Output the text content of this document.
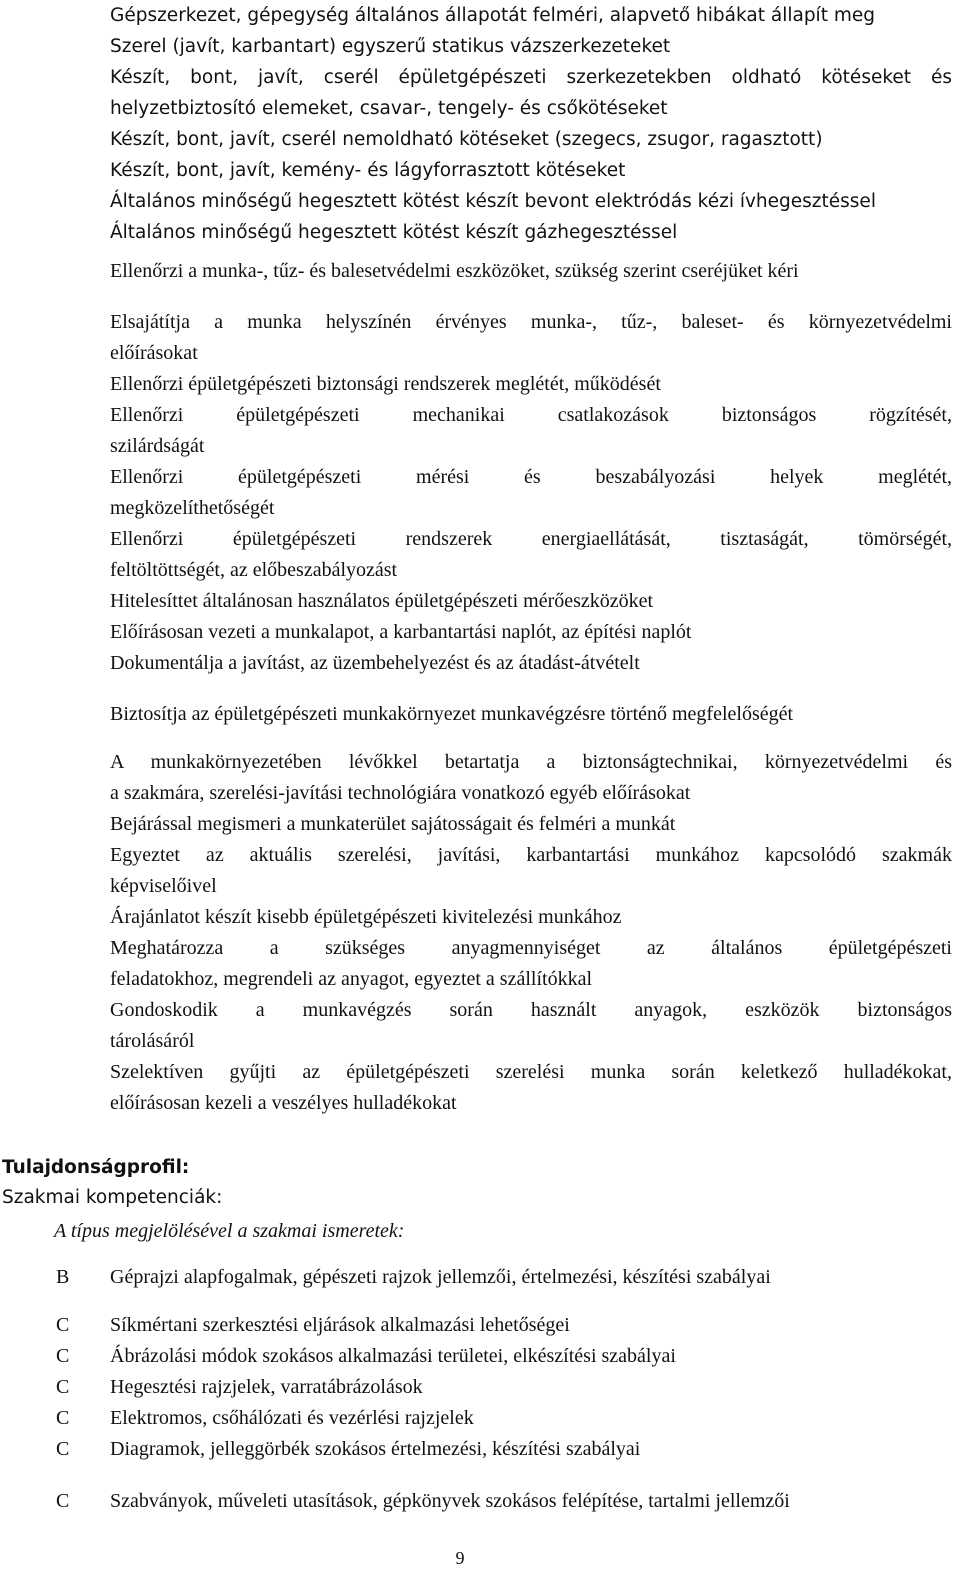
Gépszerkezet, gépegység általános állapotát felméri, alapvető hibákat állapít meg
Szerel (javít, karbantart) egyszerű statikus vázszerkezeteket
Készít, bont, javít, cserél épületgépészeti szerkezetekben oldható kötéseket és
helyzetbiztosító elemeket, csavar-, tengely- és csőkötéseket
Készít, bont, javít, cserél nemoldható kötéseket (szegecs, zsugor, ragasztott)
Készít, bont, javít, kemény- és lágyforrasztott kötéseket
Általános minőségű hegesztett kötést készít bevont elektródás kézi ívhegesztéssel
Általános minőségű hegesztett kötést készít gázhegesztéssel
Ellenőrzi a munka-, tűz- és balesetvédelmi eszközöket, szükség szerint cseréjüket kéri
Elsajátítja a munka helyszínén érvényes munka-, tűz-, baleset- és környezetvédelmi
előírásokat
Ellenőrzi épületgépészeti biztonsági rendszerek meglétét, működését
Ellenőrzi épületgépészeti mechanikai csatlakozások biztonságos rögzítését,
szilárdságát
Ellenőrzi épületgépészeti mérési és beszabályozási helyek meglétét,
megközelíthetőségét
Ellenőrzi épületgépészeti rendszerek energiaellátását, tisztaságát, tömörségét,
feltöltöttségét, az előbeszabályozást
Hitelesíttet általánosan használatos épületgépészeti mérőeszközöket
Előírásosan vezeti a munkalapot, a karbantartási naplót, az építési naplót
Dokumentálja a javítást, az üzembehelyezést és az átadást-átvételt
Biztosítja az épületgépészeti munkakörnyezet munkavégzésre történő megfelelőségét
A munkakörnyezetében lévőkkel betartatja a biztonságtechnikai, környezetvédelmi és
a szakmára, szerelési-javítási technológiára vonatkozó egyéb előírásokat
Bejárással megismeri a munkaterület sajátosságait és felméri a munkát
Egyeztet az aktuális szerelési, javítási, karbantartási munkához kapcsolódó szakmák
képviselőivel
Árajánlatot készít kisebb épületgépészeti kivitelezési munkához
Meghatározza a szükséges anyagmennyiséget az általános épületgépészeti
feladatokhoz, megrendeli az anyagot, egyeztet a szállítókkal
Gondoskodik a munkavégzés során használt anyagok, eszközök biztonságos
tárolásáról
Szelektíven gyűjti az épületgépészeti szerelési munka során keletkező hulladékokat,
előírásosan kezeli a veszélyes hulladékokat
Tulajdonságprofil:
Szakmai kompetenciák:
A típus megjelölésével a szakmai ismeretek:
B Géprajzi alapfogalmak, gépészeti rajzok jellemzői, értelmezési, készítési szabályai
C Síkmértani szerkesztési eljárások alkalmazási lehetőségei
C Ábrázolási módok szokásos alkalmazási területei, elkészítési szabályai
C Hegesztési rajzjelek, varratábrázolások
C Elektromos, csőhálózati és vezérlési rajzjelek
C Diagramok, jelleggörbék szokásos értelmezési, készítési szabályai
C Szabványok, műveleti utasítások, gépkönyvek szokásos felépítése, tartalmi jellemzői
9
